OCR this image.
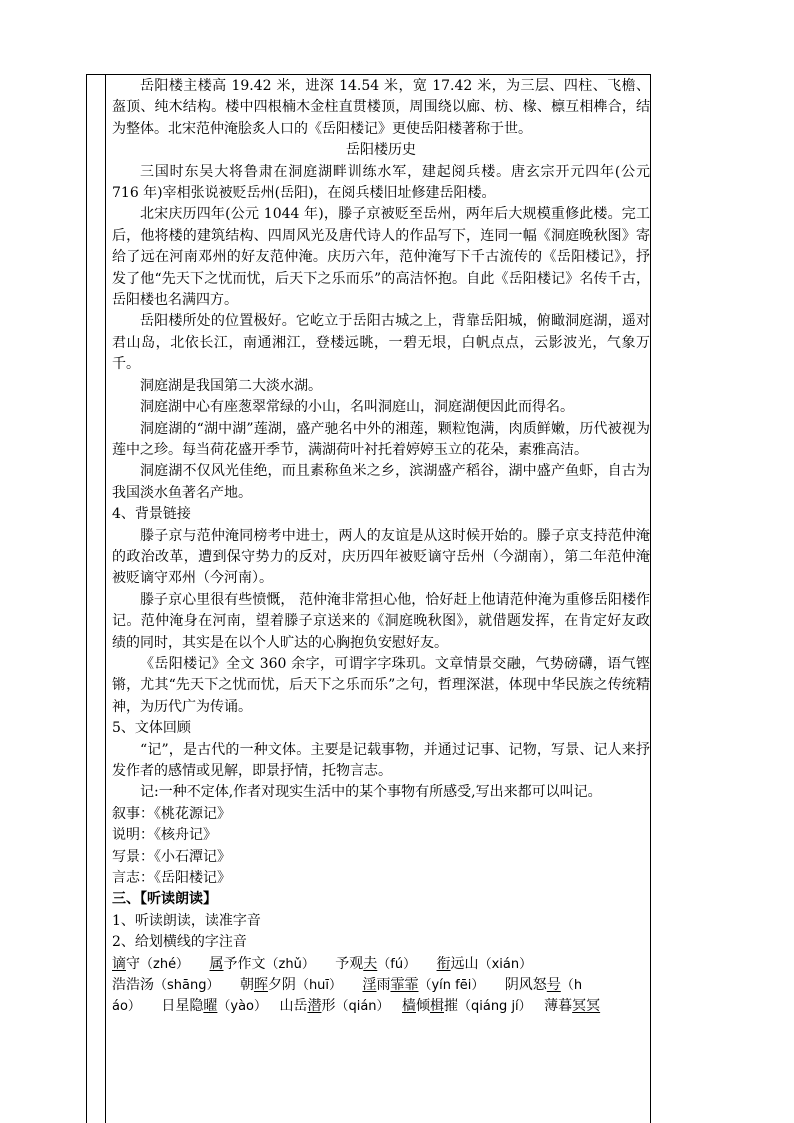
岳阳楼主楼高 19.42 米，进深 14.54 米，宽 17.42 米，为三层、四柱、飞檐、盔顶、纯木结构。楼中四根楠木金柱直贯楼顶，周围绕以廊、枋、椽、檩互相榫合，结为整体。北宋范仲淹脍炙人口的《岳阳楼记》更使岳阳楼著称于世。

岳阳楼历史

三国时东吴大将鲁肃在洞庭湖畔训练水军，建起阅兵楼。唐玄宗开元四年(公元 716 年)宰相张说被贬岳州(岳阳)，在阅兵楼旧址修建岳阳楼。

北宋庆历四年(公元 1044 年)，滕子京被贬至岳州，两年后大规模重修此楼。完工后，他将楼的建筑结构、四周风光及唐代诗人的作品写下，连同一幅《洞庭晚秋图》寄给了远在河南邓州的好友范仲淹。庆历六年，范仲淹写下千古流传的《岳阳楼记》，抒发了他“先天下之忧而忧，后天下之乐而乐”的高洁怀抱。自此《岳阳楼记》名传千古，岳阳楼也名满四方。

岳阳楼所处的位置极好。它屹立于岳阳古城之上，背靠岳阳城，俯瞰洞庭湖，遥对君山岛，北依长江，南通湘江，登楼远眺，一碧无垠，白帆点点，云影波光，气象万千。

洞庭湖是我国第二大淡水湖。

洞庭湖中心有座葱翠常绿的小山，名叫洞庭山，洞庭湖便因此而得名。

洞庭湖的“湖中湖”莲湖，盛产驰名中外的湘莲，颗粒饱满，肉质鲜嫩，历代被视为莲中之珍。每当荷花盛开季节，满湖荷叶衬托着婷婷玉立的花朵，素雅高洁。

洞庭湖不仅风光佳绝，而且素称鱼米之乡，滨湖盛产稻谷，湖中盛产鱼虾，自古为我国淡水鱼著名产地。

4、背景链接

滕子京与范仲淹同榜考中进士，两人的友谊是从这时候开始的。滕子京支持范仲淹的政治改革，遭到保守势力的反对，庆历四年被贬谪守岳州（今湖南），第二年范仲淹被贬谪守邓州（今河南）。

滕子京心里很有些愤慨， 范仲淹非常担心他，恰好赶上他请范仲淹为重修岳阳楼作记。范仲淹身在河南，望着滕子京送来的《洞庭晚秋图》，就借题发挥，在肯定好友政绩的同时，其实是在以个人旷达的心胸抱负安慰好友。

《岳阳楼记》全文 360 余字，可谓字字珠玑。文章情景交融，气势磅礴，语气铿锵，尤其“先天下之忧而忧，后天下之乐而乐”之句，哲理深湛，体现中华民族之传统精神，为历代广为传诵。

5、文体回顾

“记”，是古代的一种文体。主要是记载事物，并通过记事、记物，写景、记人来抒发作者的感情或见解，即景抒情，托物言志。

记:一种不定体,作者对现实生活中的某个事物有所感受,写出来都可以叫记。

叙事：《桃花源记》

说明：《核舟记》

写景：《小石潭记》

言志：《岳阳楼记》

三、【听读朗读】

1、听读朗读，读准字音

2、给划横线的字注音

谪守（zhé） 属予作文（zhǔ） 予观夫（fú） 衔远山（xián）

浩浩汤（shāng） 朝晖夕阴（huī） 淫雨霏霏（yín fēi） 阴风怒号（h

áo） 日星隐曜（yào） 山岳潜形（qián） 樯倾楫摧（qiáng jí） 薄暮冥冥
